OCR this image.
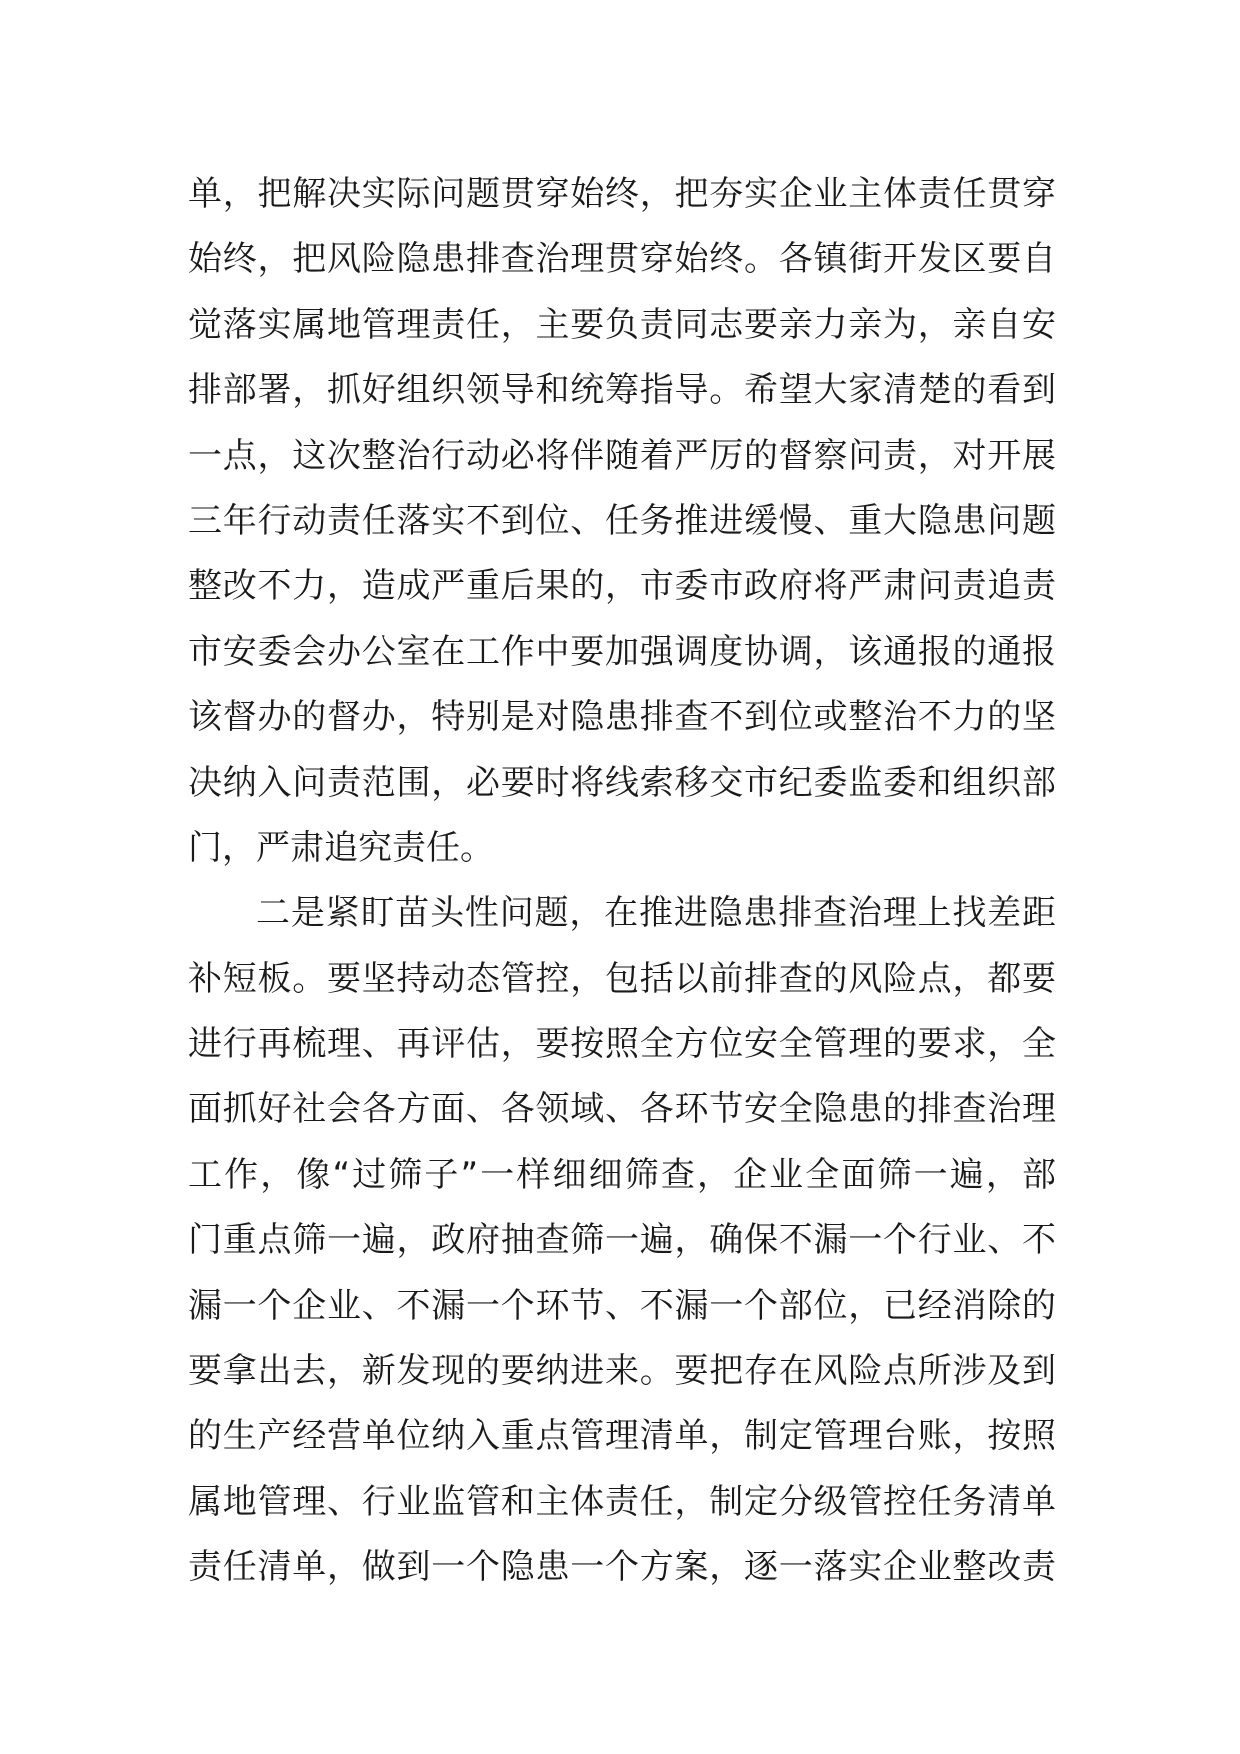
单，把解决实际问题贯穿始终，把夯实企业主体责任贯穿
始终，把风险隐患排查治理贯穿始终。各镇街开发区要自
觉落实属地管理责任，主要负责同志要亲力亲为，亲自安
排部署，抓好组织领导和统筹指导。希望大家清楚的看到
一点，这次整治行动必将伴随着严厉的督察问责，对开展
三年行动责任落实不到位、任务推进缓慢、重大隐患问题
整改不力，造成严重后果的，市委市政府将严肃问责追责
市安委会办公室在工作中要加强调度协调，该通报的通报
该督办的督办，特别是对隐患排查不到位或整治不力的坚
决纳入问责范围，必要时将线索移交市纪委监委和组织部
门，严肃追究责任。
二是紧盯苗头性问题，在推进隐患排查治理上找差距
补短板。要坚持动态管控，包括以前排查的风险点，都要
进行再梳理、再评估，要按照全方位安全管理的要求，全
面抓好社会各方面、各领域、各环节安全隐患的排查治理
工作，像“过筛子”一样细细筛查，企业全面筛一遍，部
门重点筛一遍，政府抽查筛一遍，确保不漏一个行业、不
漏一个企业、不漏一个环节、不漏一个部位，已经消除的
要拿出去，新发现的要纳进来。要把存在风险点所涉及到
的生产经营单位纳入重点管理清单，制定管理台账，按照
属地管理、行业监管和主体责任，制定分级管控任务清单
责任清单，做到一个隐患一个方案，逐一落实企业整改责
